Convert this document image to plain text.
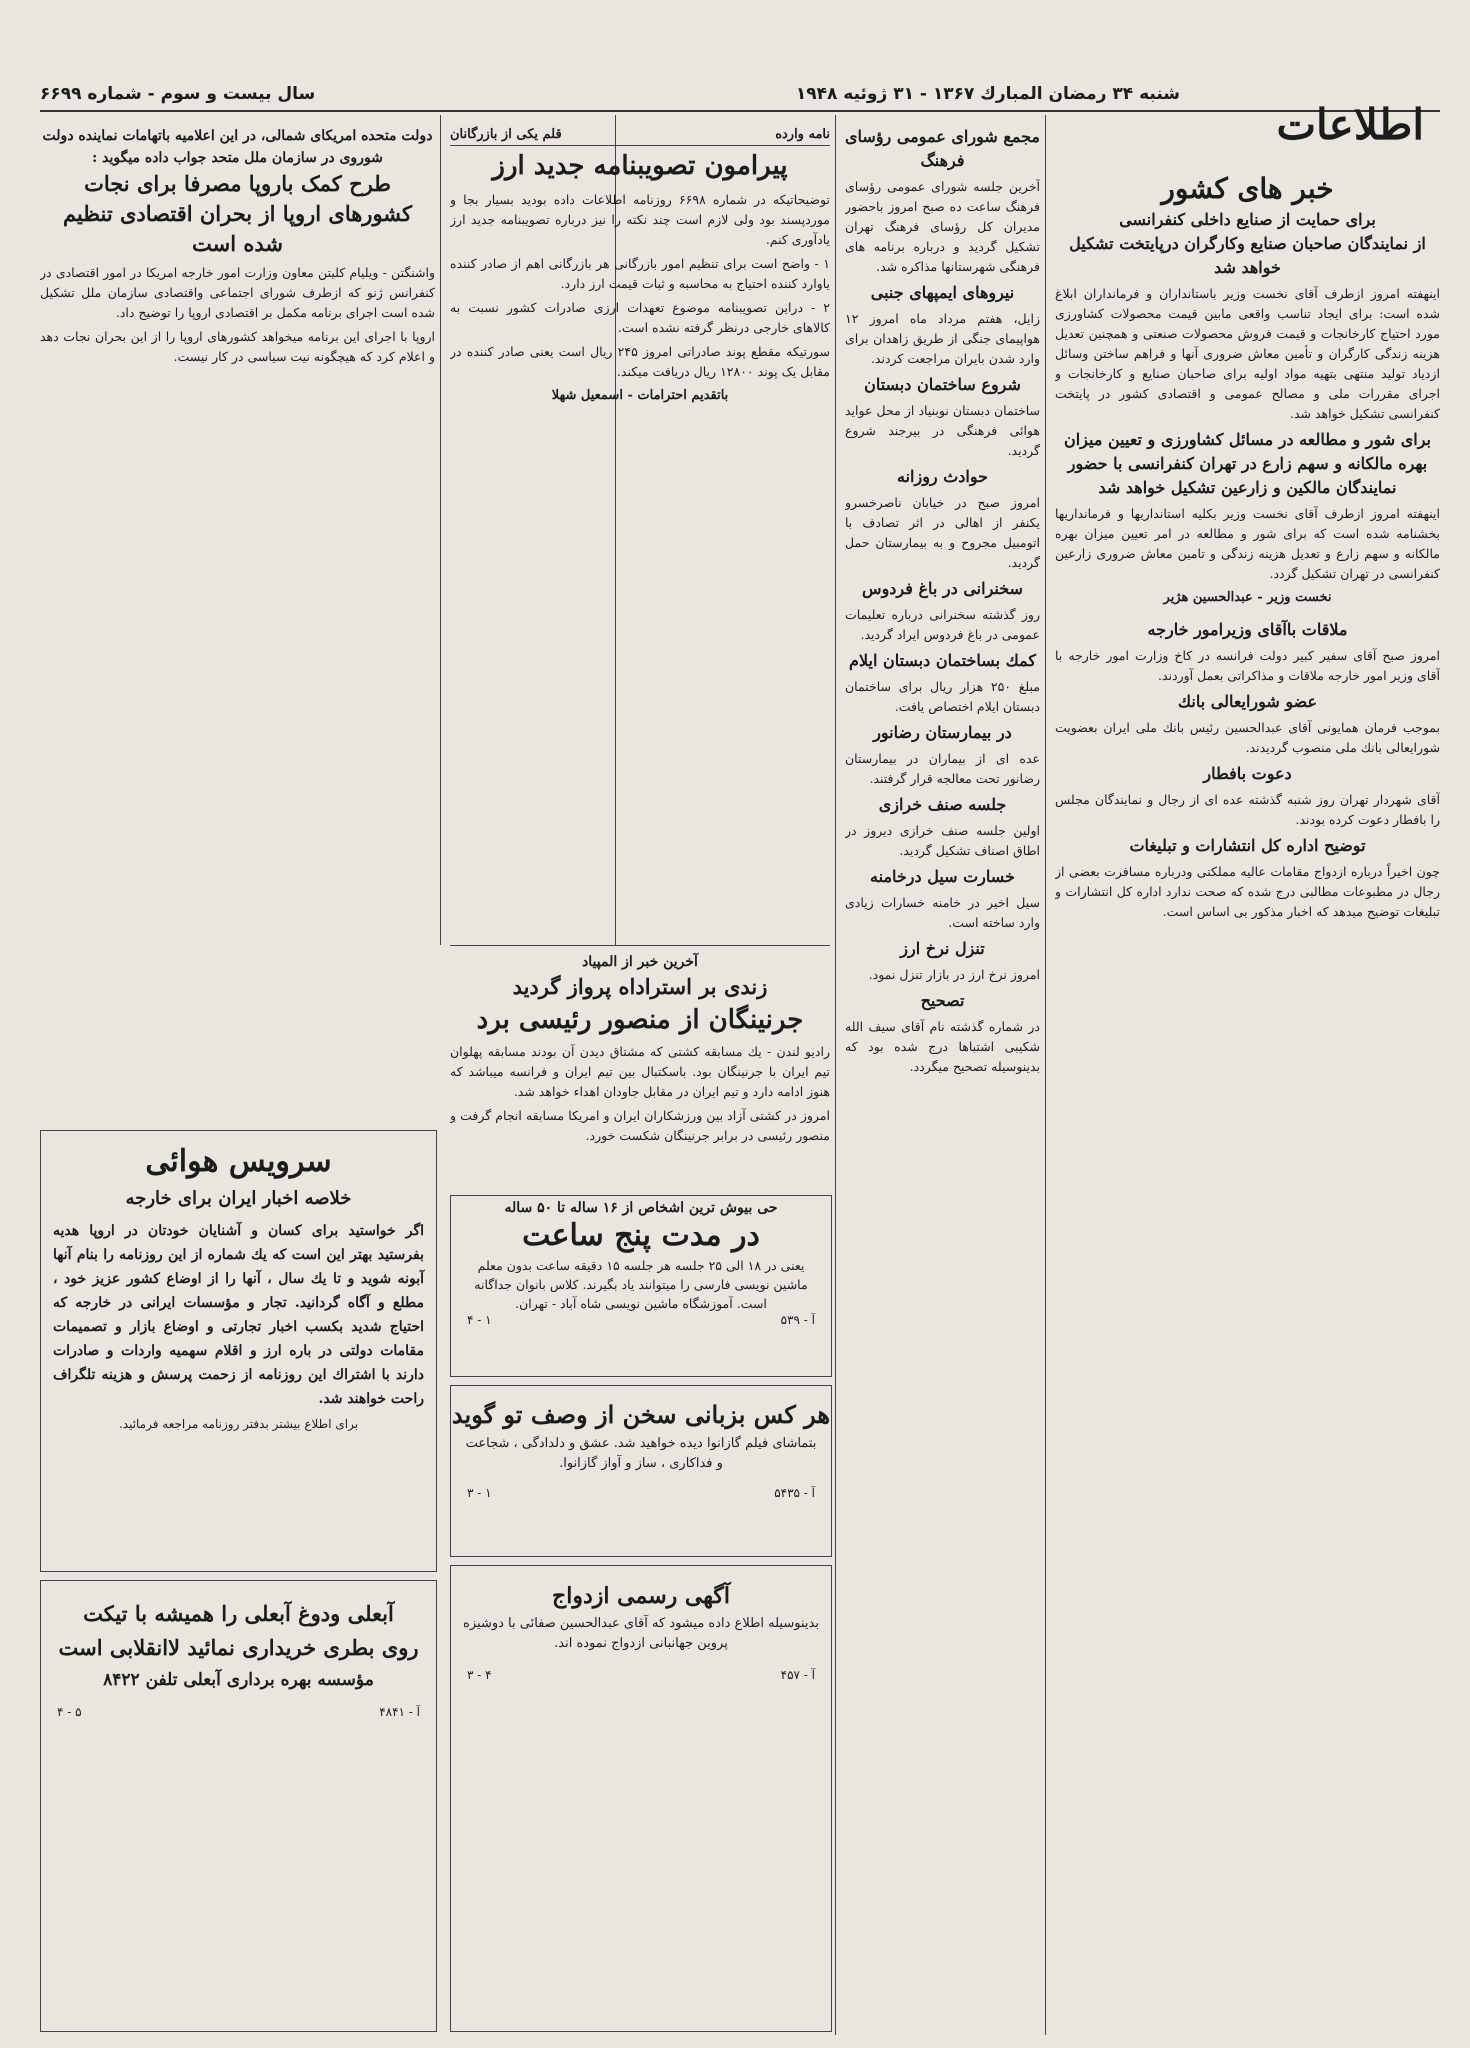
شنبه ۳۴ رمضان المبارك ۱۳۶۷ - ۳۱ ژوئیه ۱۹۴۸
سال بیست و سوم - شماره ۶۶۹۹
اطلاعات
خبر های کشور
برای حمایت از صنایع داخلی کنفرانسی
از نمایندگان صاحبان صنایع وکارگران درپایتخت تشکیل خواهد شد

اینهفته امروز ازطرف آقای نخست وزیر باستانداران و فرمانداران ابلاغ شده است: برای ایجاد تناسب واقعی مابین قیمت محصولات کشاورزی مورد احتیاج کارخانجات و قیمت فروش محصولات صنعتی و همچنین تعدیل هزینه زندگی کارگران و تأمین معاش ضروری آنها و فراهم ساختن وسائل ازدیاد تولید منتهی بتهیه مواد اولیه برای صاحبان صنایع و کارخانجات و اجرای مقررات ملی و مصالح عمومی و اقتصادی کشور در پایتخت کنفرانسی تشکیل خواهد شد.

برای شور و مطالعه در مسائل کشاورزی و تعیین میزان بهره مالکانه و سهم زارع در تهران کنفرانسی با حضور نمایندگان مالکین و زارعین تشکیل خواهد شد

اینهفته امروز ازطرف آقای نخست وزیر بکلیه استانداریها و فرمانداریها بخشنامه شده است که برای شور و مطالعه در امر تعیین میزان بهره مالکانه و سهم زارع و تعدیل هزینه زندگی و تامین معاش ضروری زارعین کنفرانسی در تهران تشکیل گردد.

نخست وزیر - عبدالحسین هژیر
ملاقات باآقای وزیرامور خارجه

امروز صبح آقای سفیر کبیر دولت فرانسه در کاخ وزارت امور خارجه با آقای وزیر امور خارجه ملاقات و مذاکراتی بعمل آوردند.

عضو شورایعالی بانك

بموجب فرمان همایونی آقای عبدالحسین رئیس بانك ملی ایران بعضویت شورایعالی بانك ملی منصوب گردیدند.

دعوت بافطار

آقای شهردار تهران روز شنبه گذشته عده ای از رجال و نمایندگان مجلس را بافطار دعوت کرده بودند.

توضیح اداره کل انتشارات و تبلیغات

چون اخیراً درباره ازدواج مقامات عالیه مملکتی ودرباره مسافرت بعضی از رجال در مطبوعات مطالبی درج شده که صحت ندارد اداره کل انتشارات و تبلیغات توضیح میدهد که اخبار مذکور بی اساس است.

مجمع شورای عمومی رؤسای فرهنگ

آخرین جلسه شورای عمومی رؤسای فرهنگ ساعت ده صبح امروز باحضور مدیران کل رؤسای فرهنگ تهران تشکیل گردید و درباره برنامه های فرهنگی شهرستانها مذاکره شد.

نیروهای ایمپهای جنبی

زایل، هفتم مرداد ماه امروز ۱۲ هواپیمای جنگی از طریق زاهدان برای وارد شدن بایران مراجعت کردند.

شروع ساختمان دبستان

ساختمان دبستان نوبنیاد از محل عواید هوائی فرهنگی در بیرجند شروع گردید.

حوادث روزانه

امروز صبح در خیابان ناصرخسرو یکنفر از اهالی در اثر تصادف با اتومبیل مجروح و به بیمارستان حمل گردید.

سخنرانی در باغ فردوس

روز گذشته سخنرانی درباره تعلیمات عمومی در باغ فردوس ایراد گردید.

کمك بساختمان دبستان ایلام

مبلغ ۲۵۰ هزار ریال برای ساختمان دبستان ایلام اختصاص یافت.

در بیمارستان رضانور

عده ای از بیماران در بیمارستان رضانور تحت معالجه قرار گرفتند.

جلسه صنف خرازی

اولین جلسه صنف خرازی دیروز در اطاق اصناف تشکیل گردید.

خسارت سیل درخامنه

سیل اخیر در خامنه خسارات زیادی وارد ساخته است.

تنزل نرخ ارز

امروز نرخ ارز در بازار تنزل نمود.

تصحیح

در شماره گذشته نام آقای سیف الله شکیبی اشتباها درج شده بود که بدینوسیله تصحیح میگردد.

نامه وارده
قلم یکی از بازرگانان
پیرامون تصویبنامه جدید ارز

توضیحاتیکه در شماره ۶۶۹۸ روزنامه اطلاعات داده بودید بسیار بجا و موردپسند بود ولی لازم است چند نکته را نیز درباره تصویبنامه جدید ارز یادآوری کنم.

۱ - واضح است برای تنظیم امور بازرگانی هر بازرگانی اهم از صادر کننده یاوارد کننده احتیاج به محاسبه و ثبات قیمت ارز دارد.

۲ - دراین تصویبنامه موضوع تعهدات ارزی صادرات کشور نسبت به کالاهای خارجی درنظر گرفته نشده است.

سورتیکه مقطع پوند صادراتی امروز ۲۴۵ ریال است یعنی صادر کننده در مقابل یک پوند ۱۲۸۰۰ ریال دریافت میکند.

باتقدیم احترامات - اسمعیل شهلا
دولت متحده امریکای شمالی، در این اعلامیه باتهامات نماینده دولت شوروی در سازمان ملل متحد جواب داده میگوید :
طرح کمک باروپا مصرفا برای نجات کشورهای اروپا از بحران اقتصادی تنظیم شده است

واشنگتن - ویلیام کلیتن معاون وزارت امور خارجه امریکا در امور اقتصادی در کنفرانس ژنو که ازطرف شورای اجتماعی واقتصادی سازمان ملل تشکیل شده است اجرای برنامه مکمل بر اقتصادی اروپا را توضیح داد.

اروپا با اجرای این برنامه میخواهد کشورهای اروپا را از این بحران نجات دهد و اعلام کرد که هیچگونه نیت سیاسی در کار نیست.

آخرین خبر از المپیاد
زندی بر استراداه پرواز گردید
جرنینگان از منصور رئیسی برد

رادیو لندن - یك مسابقه کشتی که مشتاق دیدن آن بودند مسابقه پهلوان تیم ایران با جرنینگان بود. باسکتبال بین تیم ایران و فرانسه میباشد که هنوز ادامه دارد و تیم ایران در مقابل جاودان اهداء خواهد شد.

امروز در کشتی آزاد بین ورزشکاران ایران و امریکا مسابقه انجام گرفت و منصور رئیسی در برابر جرنینگان شکست خورد.

حی بیوش ترین اشخاص از ۱۶ ساله تا ۵۰ ساله
در مدت پنج ساعت
یعنی در ۱۸ الی ۲۵ جلسه هر جلسه ۱۵ دقیقه ساعت بدون معلم ماشین نویسی فارسی را میتوانند یاد بگیرند. کلاس بانوان جداگانه است. آموزشگاه ماشین نویسی شاه آباد - تهران.
آ - ۵۳۹
۱ - ۴
هر کس بزبانی سخن از وصف تو گوید
بتماشای فیلم گازانوا دیده خواهید شد. عشق و دلدادگی ، شجاعت و فداکاری ، ساز و آواز گازانوا.
آ - ۵۴۳۵
۱ - ۳
آگهی رسمی ازدواج
بدینوسیله اطلاع داده میشود که آقای عبدالحسین صفائی با دوشیزه پروین جهانبانی ازدواج نموده اند.
آ - ۴۵۷
۴ - ۳
سرویس هوائی
خلاصه اخبار ایران برای خارجه
اگر خواستید برای کسان و آشنایان خودتان در اروپا هدیه بفرستید بهتر این است که یك شماره از این روزنامه را بنام آنها آبونه شوید و تا یك سال ، آنها را از اوضاع کشور عزیز خود ، مطلع و آگاه گردانید. تجار و مؤسسات ایرانی در خارجه که احتیاج شدید بکسب اخبار تجارتی و اوضاع بازار و تصمیمات مقامات دولتی در باره ارز و اقلام سهمیه واردات و صادرات دارند با اشتراك این روزنامه از زحمت پرسش و هزینه تلگراف راحت خواهند شد.
برای اطلاع بیشتر بدفتر روزنامه مراجعه فرمائید.
آبعلی ودوغ آبعلی را همیشه با تیکت
روی بطری خریداری نمائید لاانقلابی است
مؤسسه بهره برداری آبعلی تلفن ۸۴۲۲
آ - ۴۸۴۱
۵ - ۴
